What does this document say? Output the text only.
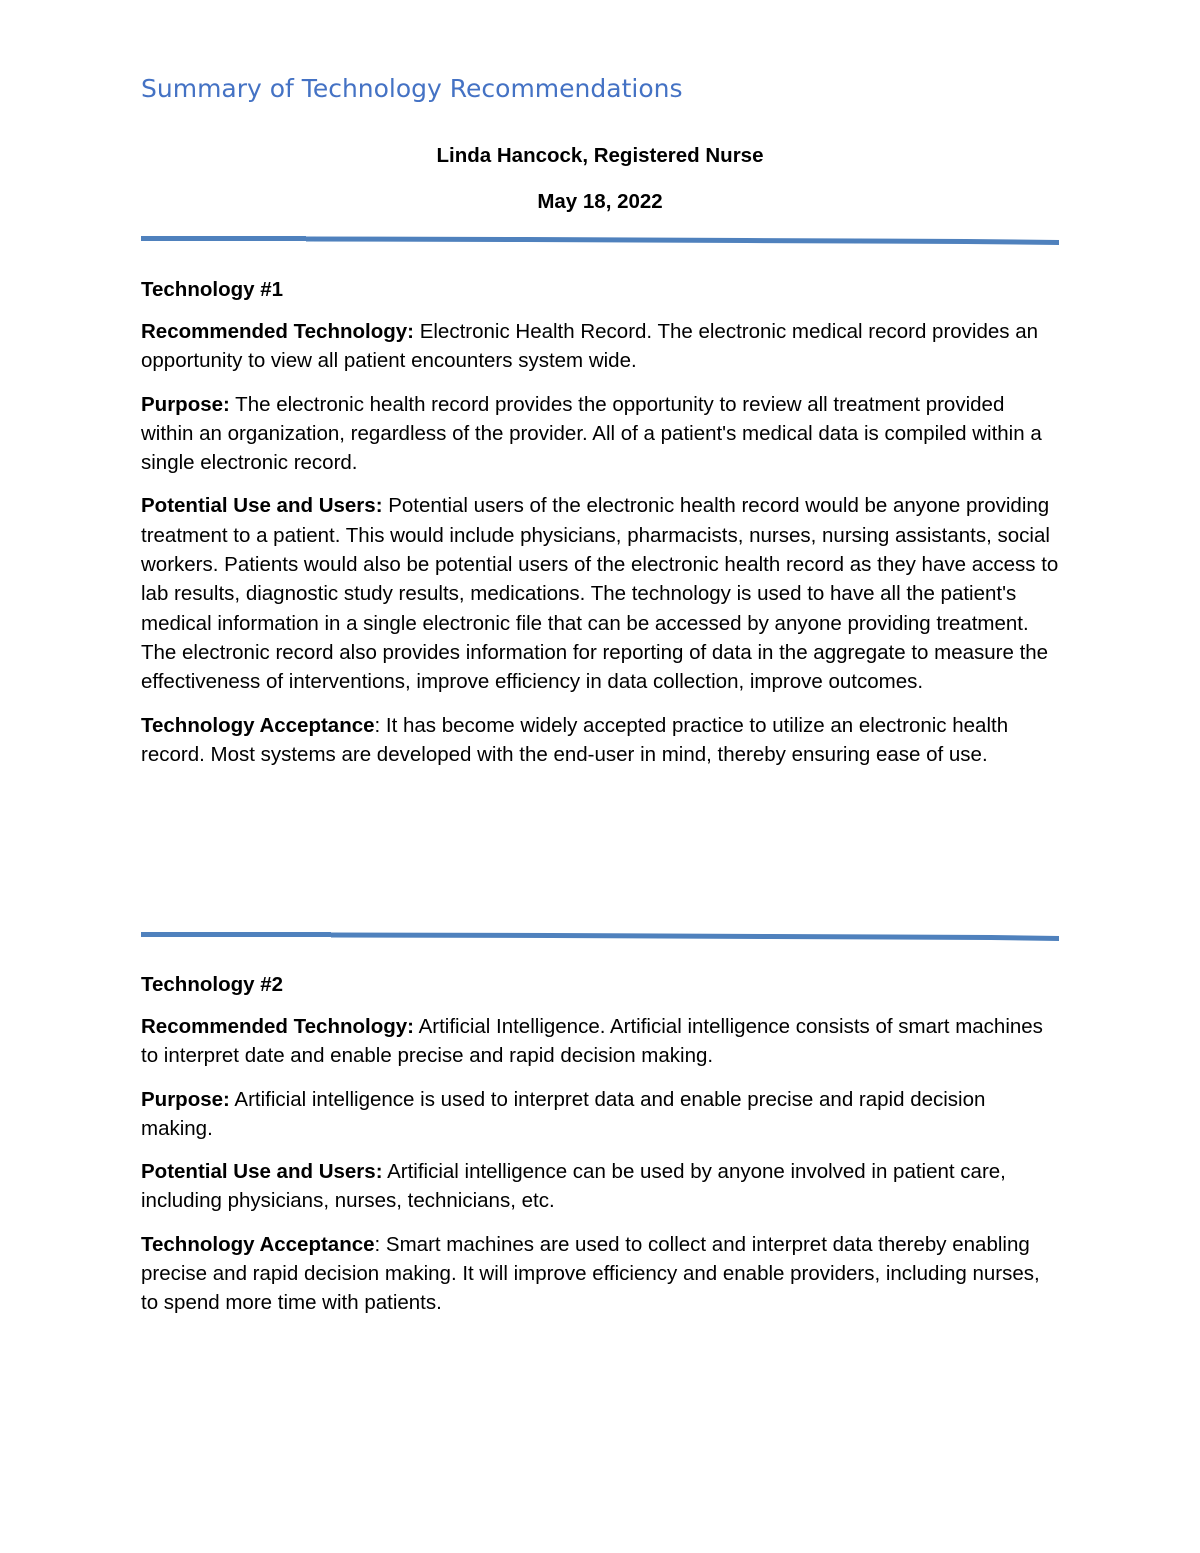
Summary of Technology Recommendations
Linda Hancock, Registered Nurse
May 18, 2022

Technology #1

Recommended Technology: Electronic Health Record. The electronic medical record provides an opportunity to view all patient encounters system wide.

Purpose: The electronic health record provides the opportunity to review all treatment provided within an organization, regardless of the provider. All of a patient's medical data is compiled within a single electronic record.

Potential Use and Users: Potential users of the electronic health record would be anyone providing treatment to a patient. This would include physicians, pharmacists, nurses, nursing assistants, social workers. Patients would also be potential users of the electronic health record as they have access to lab results, diagnostic study results, medications. The technology is used to have all the patient's medical information in a single electronic file that can be accessed by anyone providing treatment. The electronic record also provides information for reporting of data in the aggregate to measure the effectiveness of interventions, improve efficiency in data collection, improve outcomes.

Technology Acceptance: It has become widely accepted practice to utilize an electronic health record. Most systems are developed with the end-user in mind, thereby ensuring ease of use.

Technology #2

Recommended Technology: Artificial Intelligence. Artificial intelligence consists of smart machines to interpret date and enable precise and rapid decision making.

Purpose: Artificial intelligence is used to interpret data and enable precise and rapid decision making.

Potential Use and Users: Artificial intelligence can be used by anyone involved in patient care, including physicians, nurses, technicians, etc.

Technology Acceptance: Smart machines are used to collect and interpret data thereby enabling precise and rapid decision making. It will improve efficiency and enable providers, including nurses, to spend more time with patients.
